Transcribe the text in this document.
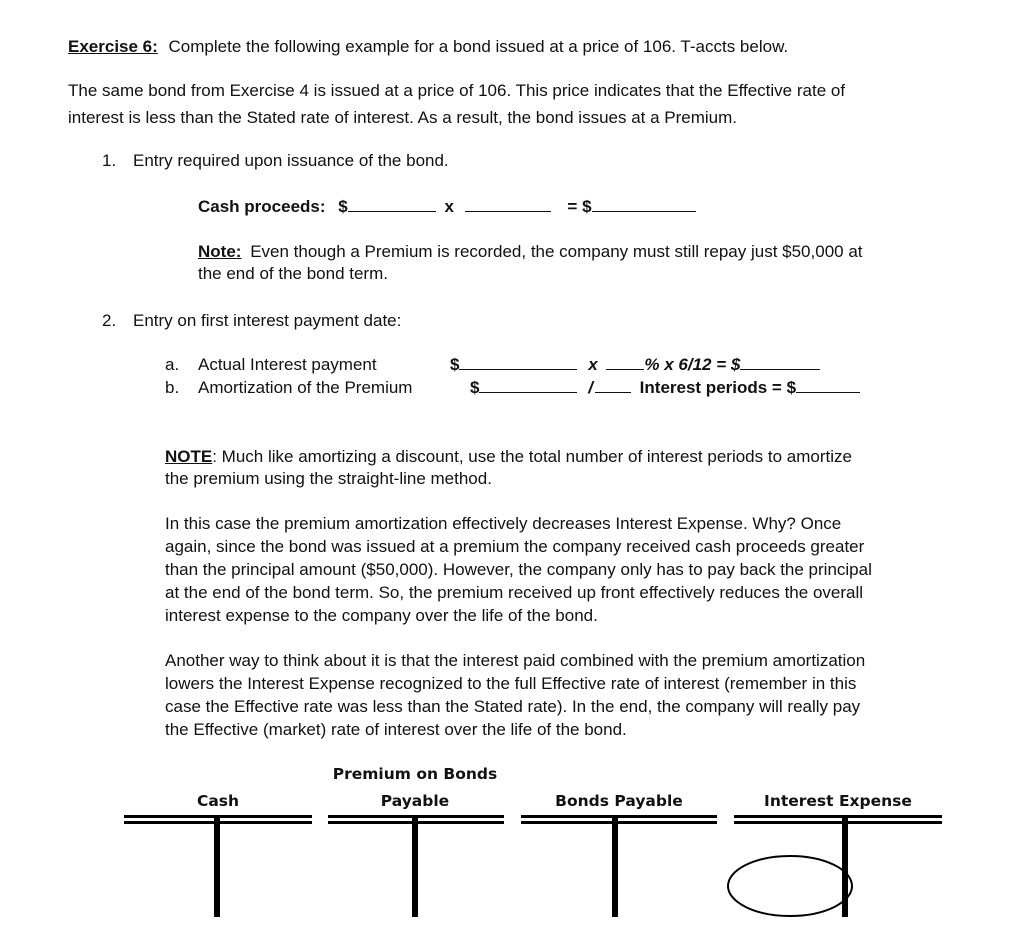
Exercise 6: Complete the following example for a bond issued at a price of 106. T-accts below.
The same bond from Exercise 4 is issued at a price of 106. This price indicates that the Effective rate of
interest is less than the Stated rate of interest. As a result, the bond issues at a Premium.
1. Entry required upon issuance of the bond.
Cash proceeds: $	x	= $
Note: Even though a Premium is recorded, the company must still repay just $50,000 at
the end of the bond term.
2. Entry on first interest payment date:
a. Actual Interest payment	$	x	% x 6/12 = $
b. Amortization of the Premium	$	/	Interest periods = $
NOTE: Much like amortizing a discount, use the total number of interest periods to amortize
the premium using the straight-line method.
In this case the premium amortization effectively decreases Interest Expense. Why? Once
again, since the bond was issued at a premium the company received cash proceeds greater
than the principal amount ($50,000). However, the company only has to pay back the principal
at the end of the bond term. So, the premium received up front effectively reduces the overall
interest expense to the company over the life of the bond.
Another way to think about it is that the interest paid combined with the premium amortization
lowers the Interest Expense recognized to the full Effective rate of interest (remember in this
case the Effective rate was less than the Stated rate). In the end, the company will really pay
the Effective (market) rate of interest over the life of the bond.
Cash
Premium on Bonds
Payable	Bonds Payable	Interest Expense
